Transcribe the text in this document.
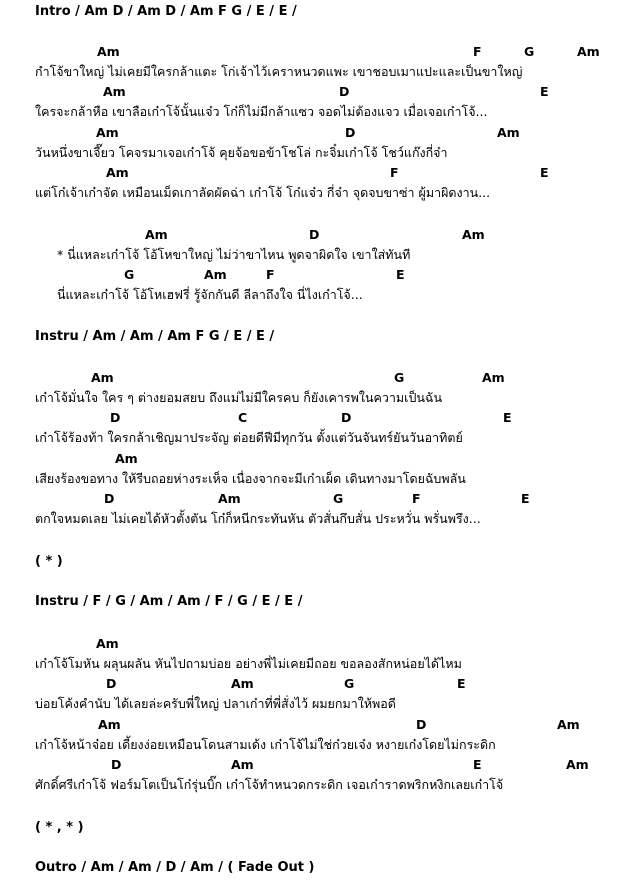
Intro / Am D / Am D / Am F G / E / E /
Am	F	G	Am
กำโจ้ขาใหญ่ ไม่เคยมีใครกล้าแตะ โก่เจ้าไว้เคราหนวดแพะ เขาชอบเมาแปะและเป็นขาใหญ่
Am	D	E
ใครจะกล้าหือ เขาลือเก๋าโจ้นั้นแจ๋ว โก๋ก็ไม่มีกล้าแซว จอดไม่ต้องแจว เมื่อเจอเก๋าโจ้...
Am	D	Am
วันหนึ่งขาเจี๊ยว โคจรมาเจอเก๋าโจ้ คุยจ้อขอข้าโชโล่ กะจิ๋มเก๋าโจ้ โชว์แก๊งกี่จ๋า
Am	F	E
แต่โก๋เจ้าเก๋าจัด เหมือนเม็ดเกาลัดผัดฉ่า เก๋าโจ้ โก๋แจ๋ว กี่จ๋า จุดจบขาซ่า ผู้มาผิดงาน...
Am	D	Am
* นี่แหละเก๋าโจ้ โอ้โหขาใหญ่ ไม่ว่าขาไหน พูดจาผิดใจ เขาใส่ทันที
G	Am	F	E
นี่แหละเก๋าโจ้ โอ้โหเฮฟรี่ รู้จักกันดี ลีลาถึงใจ นี่ไงเก๋าโจ้...
Instru / Am / Am / Am F G / E / E /
Am	G	Am
เก๋าโจ้มั่นใจ ใคร ๆ ต่างยอมสยบ ถึงแม่ไม่มีใครคบ ก็ยังเคารพในความเป็นฉัน
D	C	D	E
เก๋าโจ้ร้องท้า ใครกล้าเชิญมาประจัญ ต่อยดีฟีมีทุกวัน ตั้งแต่วันจันทร์ยันวันอาทิตย์
Am
เสียงร้องขอทาง ให้รีบถอยห่างระเห็จ เนื่องจากจะมีเก๋าเผ็ด เดินทางมาโดยฉับพลัน
D	Am	G	F	E
ตกใจหมดเลย ไม่เคยได้หัวตั้งตัน โก๋ก็หนีกระทันหัน ตัวสั่นกึบสั่น ประหวั่น พรั่นพรึง...
( * )
Instru / F / G / Am / Am / F / G / E / E /
Am
เก๋าโจ้โมหัน ผลุนผลัน หันไปถามบ่อย อย่างพี่ไม่เคยมีถอย ขอลองสักหน่อยได้ไหม
D	Am	G	E
บ่อยโค้งคำนับ ได้เลยล่ะครับพี่ใหญ่ ปลาเก๋าที่พี่สั่งไว้ ผมยกมาให้พอดี
Am	D	Am
เก๋าโจ้หน้าจ๋อย เดี้ยงง่อยเหมือนโดนสามเด้ง เก๋าโจ้ไม่ใช่ก๋วยเจ๋ง หงายเก๋งโดยไม่กระดิก
D	Am	E	Am
ศักดิ์ศรีเก๋าโจ้ ฟอร์มโตเป็นโก๋รุ่นบิ๊ก เก๋าโจ้ทำหนวดกระดิก เจอเก๋าราดพริกหงิกเลยเก๋าโจ้
( * , * )
Outro / Am / Am / D / Am / ( Fade Out )
